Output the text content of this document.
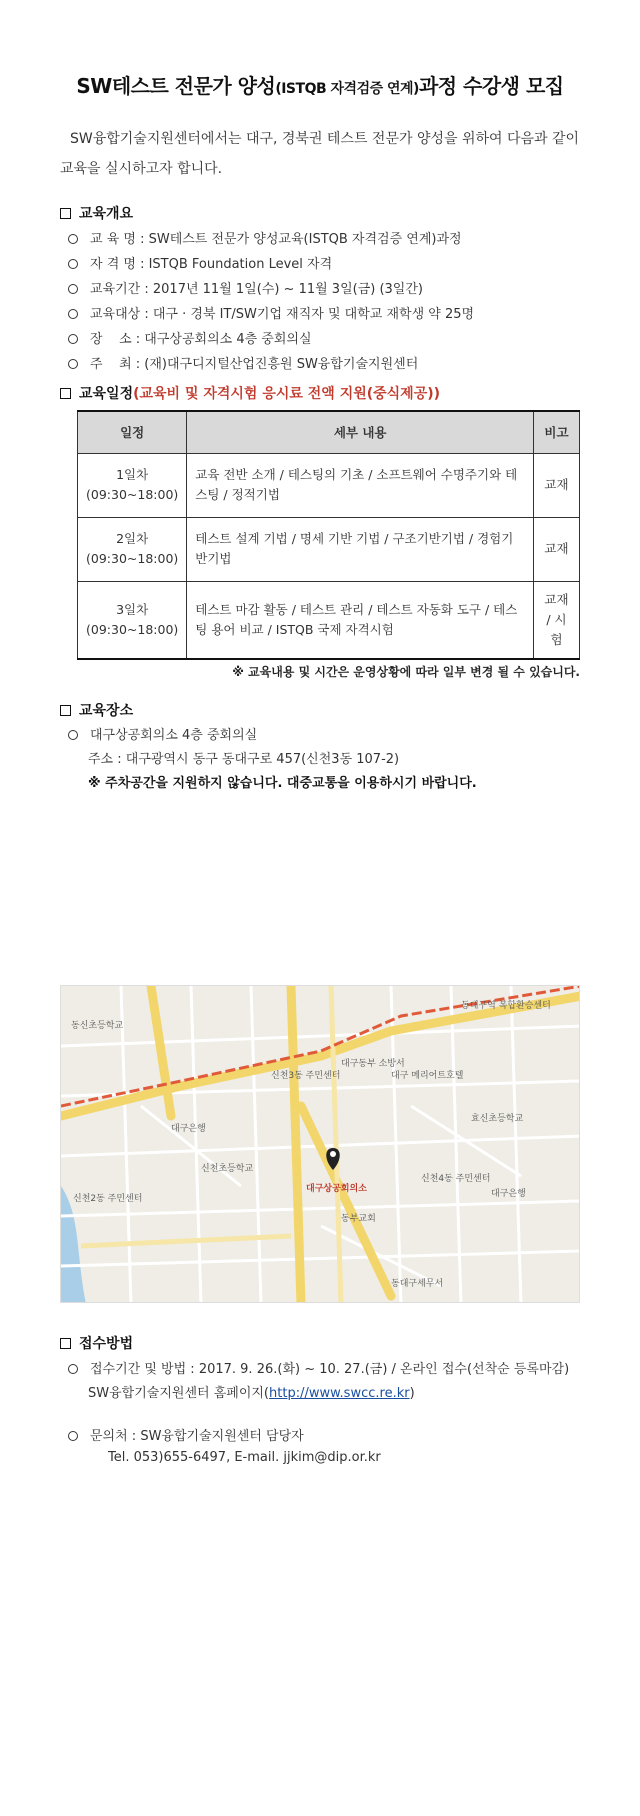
SW테스트 전문가 양성(ISTQB 자격검증 연계)과정 수강생 모집
SW융합기술지원센터에서는 대구, 경북권 테스트 전문가 양성을 위하여 다음과 같이 교육을 실시하고자 합니다.
교육개요
교 육 명 : SW테스트 전문가 양성교육(ISTQB 자격검증 연계)과정
자 격 명 : ISTQB Foundation Level 자격
교육기간 : 2017년 11월 1일(수) ~ 11월 3일(금) (3일간)
교육대상 : 대구 · 경북 IT/SW기업 재직자 및 대학교 재학생 약 25명
장    소 : 대구상공회의소 4층 중회의실
주    최 : (재)대구디지털산업진흥원 SW융합기술지원센터
교육일정(교육비 및 자격시험 응시료 전액 지원(중식제공))
일정	세부 내용	비고

1일차
(09:30~18:00)	교육 전반 소개 / 테스팅의 기초 / 소프트웨어 수명주기와 테스팅 / 정적기법	교재

2일차
(09:30~18:00)	테스트 설계 기법 / 명세 기반 기법 / 구조기반기법 / 경험기반기법	교재

3일차
(09:30~18:00)	테스트 마감 활동 / 테스트 관리 / 테스트 자동화 도구 / 테스팅 용어 비교 / ISTQB 국제 자격시험	교재 / 시험
※ 교육내용 및 시간은 운영상황에 따라 일부 변경 될 수 있습니다.
교육장소
대구상공회의소 4층 중회의실
주소 : 대구광역시 동구 동대구로 457(신천3동 107-2)
※ 주차공간을 지원하지 않습니다. 대중교통을 이용하시기 바랍니다.
신천3동 주민센터
대구동부 소방서
동대구역 복합환승센터
대구 메리어트호텔
신천초등학교
대구은행
신천4동 주민센터
대구상공회의소
동부교회
효신초등학교
동신초등학교
동대구세무서
신천2동 주민센터	대구은행
접수방법
접수기간 및 방법 : 2017. 9. 26.(화) ~ 10. 27.(금) / 온라인 접수(선착순 등록마감)
SW융합기술지원센터 홈페이지(http://www.swcc.re.kr)
문의처 : SW융합기술지원센터 담당자
Tel. 053)655-6497, E-mail. jjkim@dip.or.kr
